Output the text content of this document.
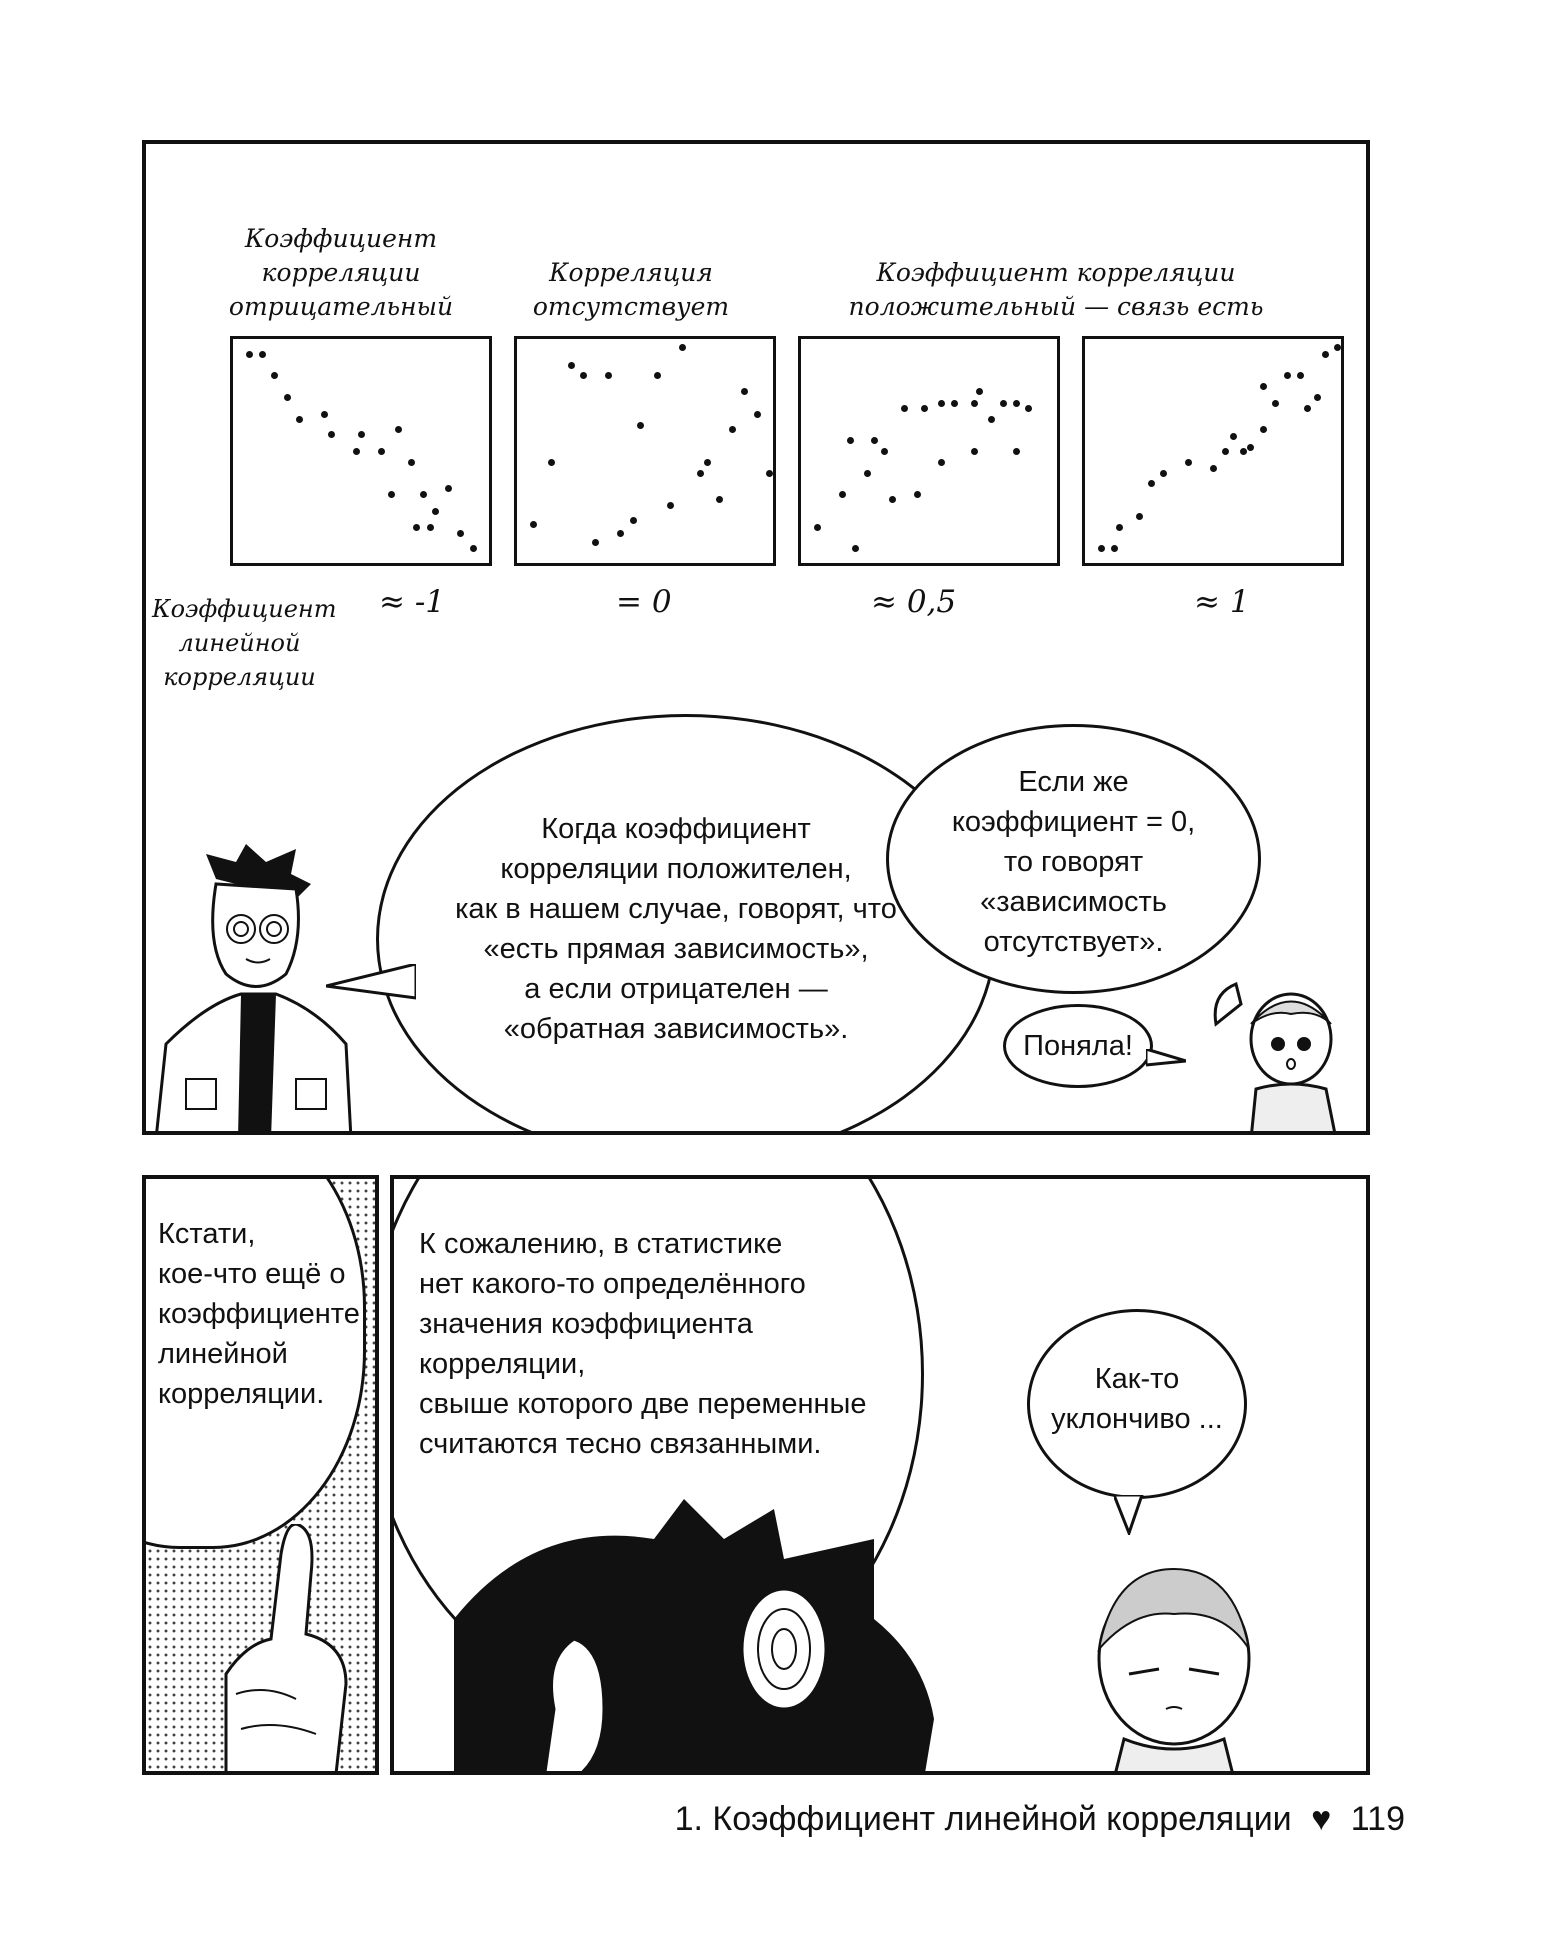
Коэффициент корреляции отрицательный
Корреляция отсутствует
Коэффициент корреляции положительный — связь есть
Коэффициент линейной корреляции
≈ -1	= 0	≈ 0,5	≈ 1
Когда коэффициент
корреляции положителен,
как в нашем случае, говорят, что
«есть прямая зависимость»,
а если отрицателен —
«обратная зависимость».
Если же
коэффициент = 0,
то говорят
«зависимость
отсутствует».
Поняла!
Кстати,
кое-что ещё о
коэффициенте
линейной
корреляции.
К сожалению, в статистике
нет какого-то определённого
значения коэффициента корреляции,
свыше которого две переменные
считаются тесно связанными.
Как-то
уклончиво ...
1. Коэффициент линейной корреляции ♥ 119
